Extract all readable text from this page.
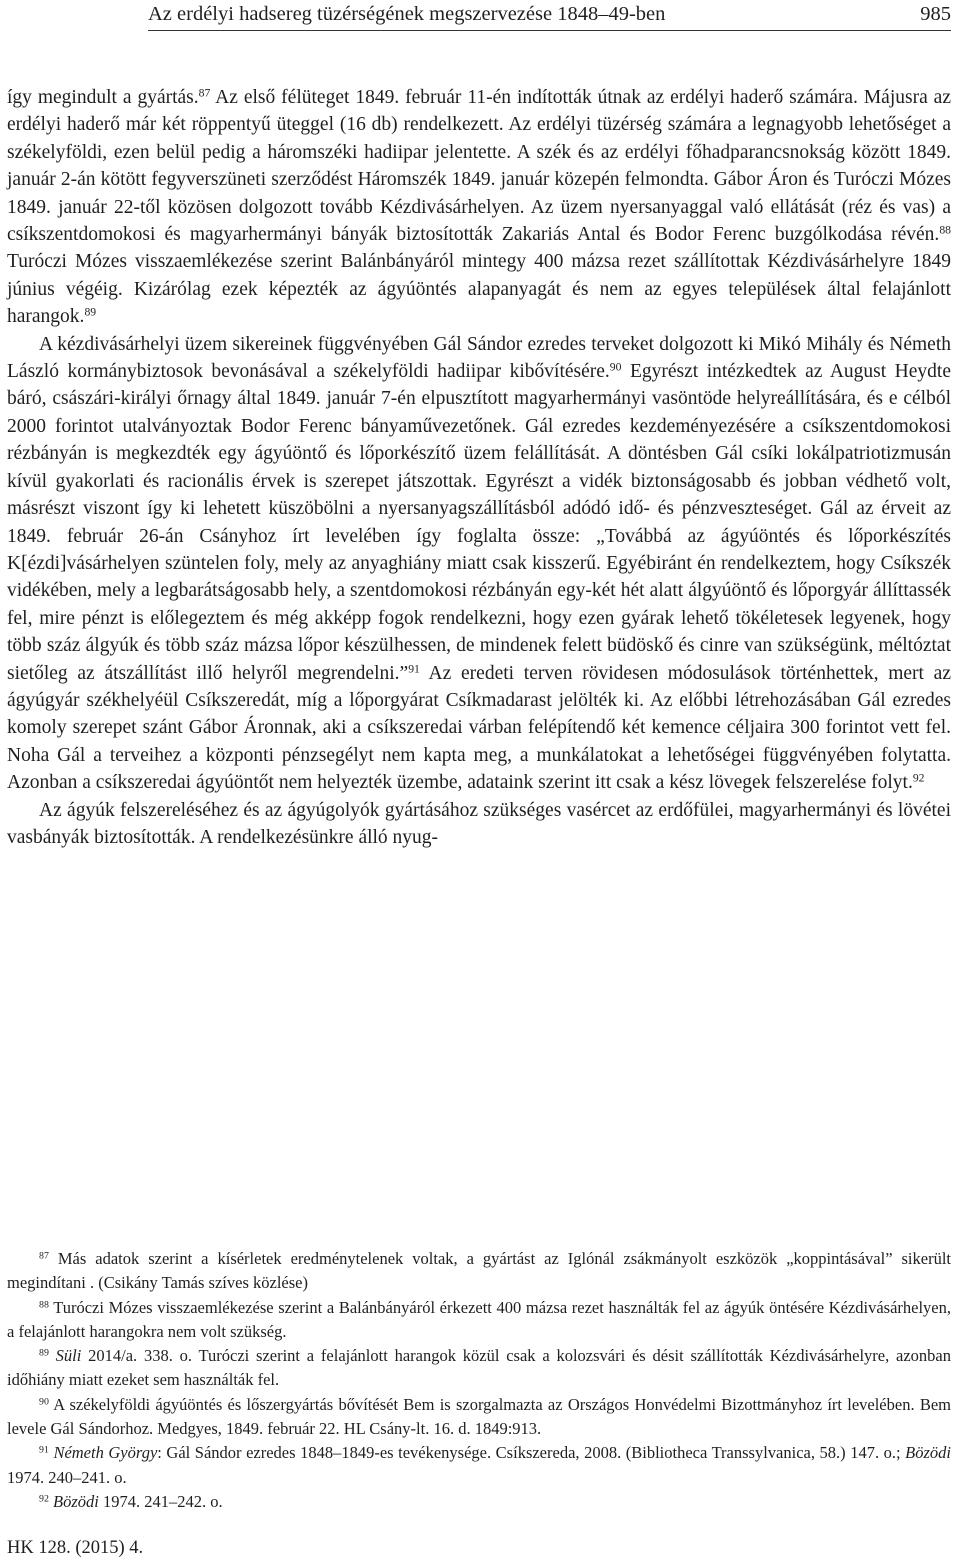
Az erdélyi hadsereg tüzérségének megszervezése 1848–49-ben	985

így megindult a gyártás.$^{87}$ Az első félüteget 1849. február 11-én indították útnak az erdélyi haderő számára. Májusra az erdélyi haderő már két röppentyű üteggel (16 db) rendelkezett. Az erdélyi tüzérség számára a legnagyobb lehetőséget a székelyföldi, ezen belül pedig a háromszéki hadiipar jelentette. A szék és az erdélyi főhadparancsnokság között 1849. január 2-án kötött fegyverszüneti szerződést Háromszék 1849. január közepén felmondta. Gábor Áron és Turóczi Mózes 1849. január 22-től közösen dolgozott tovább Kézdivásárhelyen. Az üzem nyersanyaggal való ellátását (réz és vas) a csíkszentdomokosi és magyarhermányi bányák biztosították Zakariás Antal és Bodor Ferenc buzgólkodása révén.$^{88}$ Turóczi Mózes visszaemlékezése szerint Balánbányáról mintegy 400 mázsa rezet szállítottak Kézdivásárhelyre 1849 június végéig. Kizárólag ezek képezték az ágyúöntés alapanyagát és nem az egyes települések által felajánlott harangok.$^{89}$

A kézdivásárhelyi üzem sikereinek függvényében Gál Sándor ezredes terveket dolgozott ki Mikó Mihály és Németh László kormánybiztosok bevonásával a székelyföldi hadiipar kibővítésére.$^{90}$ Egyrészt intézkedtek az August Heydte báró, császári-királyi őrnagy által 1849. január 7-én elpusztított magyarhermányi vasöntöde helyreállítására, és e célból 2000 forintot utalványoztak Bodor Ferenc bányaművezetőnek. Gál ezredes kezdeményezésére a csíkszentdomokosi rézbányán is megkezdték egy ágyúöntő és lőporkészítő üzem felállítását. A döntésben Gál csíki lokálpatriotizmusán kívül gyakorlati és racionális érvek is szerepet játszottak. Egyrészt a vidék biztonságosabb és jobban védhető volt, másrészt viszont így ki lehetett küszöbölni a nyersanyagszállításból adódó idő- és pénzveszteséget. Gál az érveit az 1849. február 26-án Csányhoz írt levelében így foglalta össze: „Továbbá az ágyúöntés és lőporkészítés K[ézdi]vásárhelyen szüntelen foly, mely az anyaghiány miatt csak kisszerű. Egyébiránt én rendelkeztem, hogy Csíkszék vidékében, mely a legbarátságosabb hely, a szentdomokosi rézbányán egy-két hét alatt álgyúöntő és lőporgyár állíttassék fel, mire pénzt is előlegeztem és még akképp fogok rendelkezni, hogy ezen gyárak lehető tökéletesek legyenek, hogy több száz álgyúk és több száz mázsa lőpor készülhessen, de mindenek felett büdöskő és cinre van szükségünk, méltóztat sietőleg az átszállítást illő helyről megrendelni.”$^{91}$ Az eredeti terven rövidesen módosulások történhettek, mert az ágyúgyár székhelyéül Csíkszeredát, míg a lőporgyárat Csíkmadarast jelölték ki. Az előbbi létrehozásában Gál ezredes komoly szerepet szánt Gábor Áronnak, aki a csíkszeredai várban felépítendő két kemence céljaira 300 forintot vett fel. Noha Gál a terveihez a központi pénzsegélyt nem kapta meg, a munkálatokat a lehetőségei függvényében folytatta. Azonban a csíkszeredai ágyúöntőt nem helyezték üzembe, adataink szerint itt csak a kész lövegek felszerelése folyt.$^{92}$

Az ágyúk felszereléséhez és az ágyúgolyók gyártásához szükséges vasércet az erdőfülei, magyarhermányi és lövétei vasbányák biztosították. A rendelkezésünkre álló nyug-

$^{87}$ Más adatok szerint a kísérletek eredménytelenek voltak, a gyártást az Iglónál zsákmányolt eszközök „koppintásával” sikerült megindítani . (Csikány Tamás szíves közlése)

$^{88}$ Turóczi Mózes visszaemlékezése szerint a Balánbányáról érkezett 400 mázsa rezet használták fel az ágyúk öntésére Kézdivásárhelyen, a felajánlott harangokra nem volt szükség.

$^{89}$ Süli 2014/a. 338. o. Turóczi szerint a felajánlott harangok közül csak a kolozsvári és désit szállították Kézdivásárhelyre, azonban időhiány miatt ezeket sem használták fel.

$^{90}$ A székelyföldi ágyúöntés és lőszergyártás bővítését Bem is szorgalmazta az Országos Honvédelmi Bizottmányhoz írt levelében. Bem levele Gál Sándorhoz. Medgyes, 1849. február 22. HL Csány-lt. 16. d. 1849:913.

$^{91}$ Németh György: Gál Sándor ezredes 1848–1849-es tevékenysége. Csíkszereda, 2008. (Bibliotheca Transsylvanica, 58.) 147. o.; Bözödi 1974. 240–241. o.

$^{92}$ Bözödi 1974. 241–242. o.

HK 128. (2015) 4.
